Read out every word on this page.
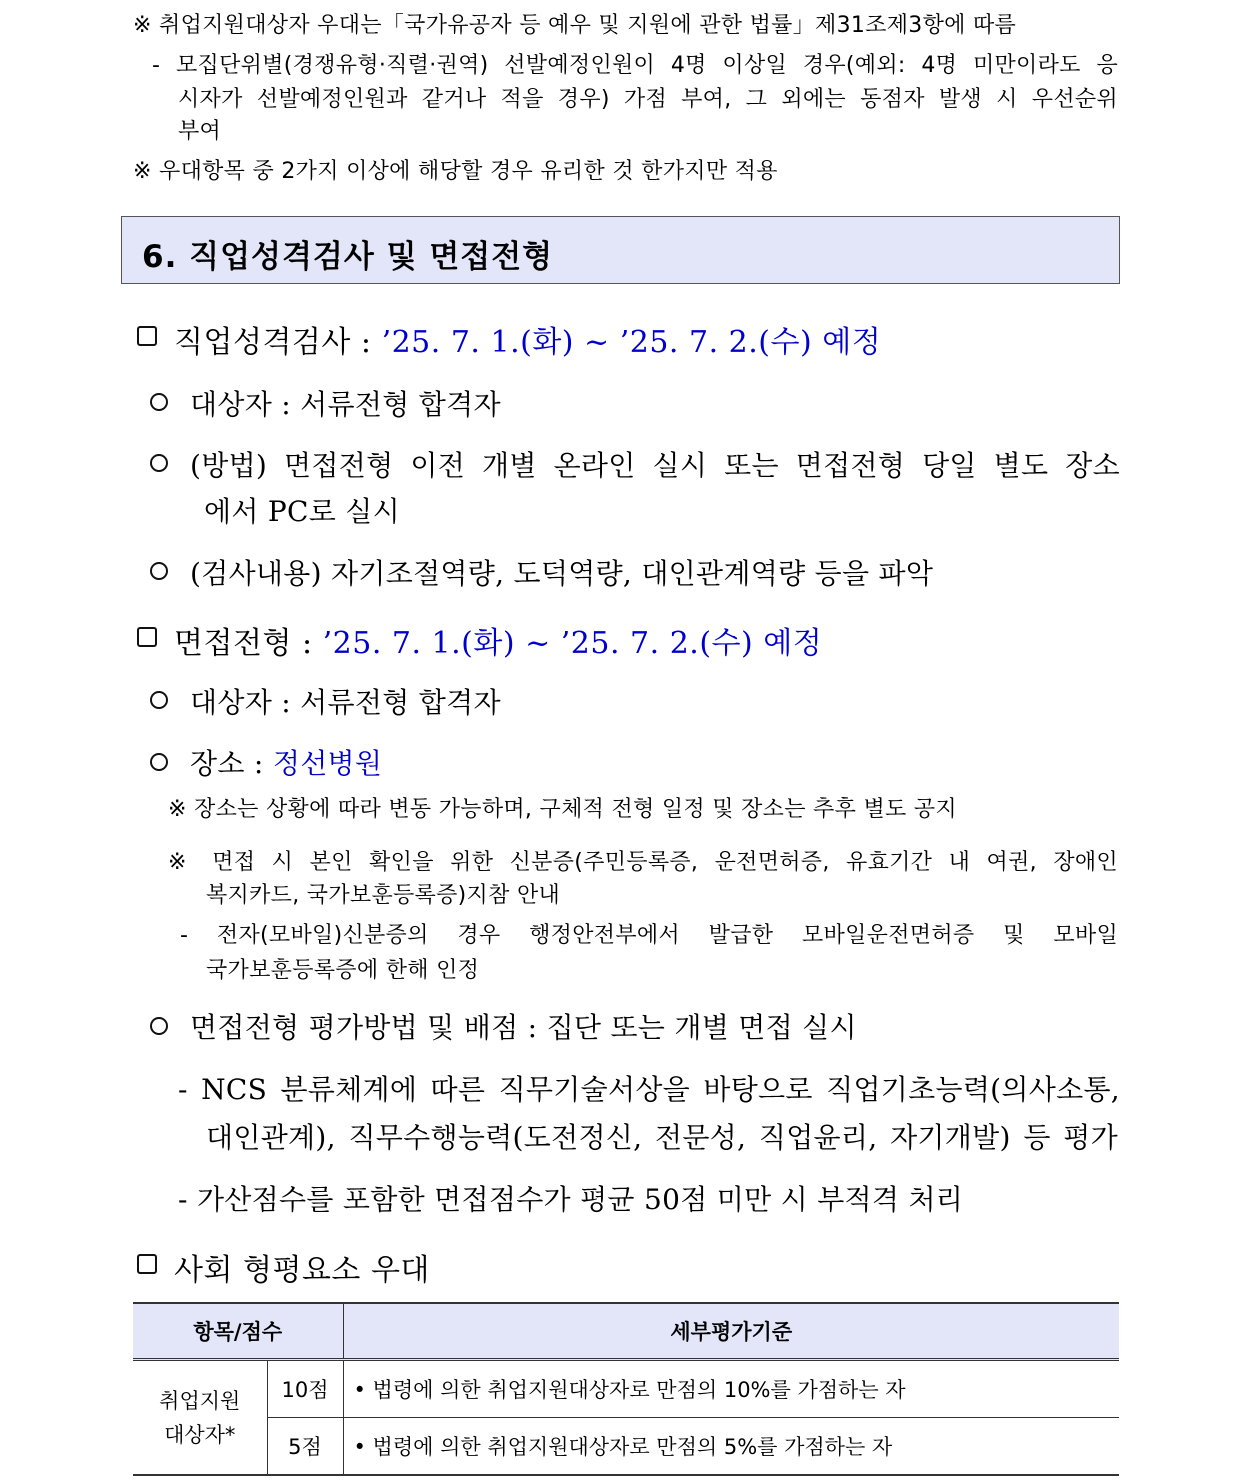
※ 취업지원대상자 우대는「국가유공자 등 예우 및 지원에 관한 법률」제31조제3항에 따름
- 모집단위별(경쟁유형·직렬·권역) 선발예정인원이 4명 이상일 경우(예외: 4명 미만이라도 응
시자가 선발예정인원과 같거나 적을 경우) 가점 부여, 그 외에는 동점자 발생 시 우선순위
부여
※ 우대항목 중 2가지 이상에 해당할 경우 유리한 것 한가지만 적용
6. 직업성격검사 및 면접전형
직업성격검사 : ’25. 7. 1.(화) ~ ’25. 7. 2.(수) 예정
대상자 : 서류전형 합격자
(방법) 면접전형 이전 개별 온라인 실시 또는 면접전형 당일 별도 장소
에서 PC로 실시
(검사내용) 자기조절역량, 도덕역량, 대인관계역량 등을 파악
면접전형 : ’25. 7. 1.(화) ~ ’25. 7. 2.(수) 예정
대상자 : 서류전형 합격자
장소 : 정선병원
※ 장소는 상황에 따라 변동 가능하며, 구체적 전형 일정 및 장소는 추후 별도 공지
※ 면접 시 본인 확인을 위한 신분증(주민등록증, 운전면허증, 유효기간 내 여권, 장애인
복지카드, 국가보훈등록증)지참 안내
- 전자(모바일)신분증의 경우 행정안전부에서 발급한 모바일운전면허증 및 모바일
국가보훈등록증에 한해 인정
면접전형 평가방법 및 배점 : 집단 또는 개별 면접 실시
- NCS 분류체계에 따른 직무기술서상을 바탕으로 직업기초능력(의사소통,
대인관계), 직무수행능력(도전정신, 전문성, 직업윤리, 자기개발) 등 평가
- 가산점수를 포함한 면접점수가 평균 50점 미만 시 부적격 처리
사회 형평요소 우대
항목/점수		세부평가기준

취업지원
대상자*	10점	• 법령에 의한 취업지원대상자로 만점의 10%를 가점하는 자
	5점	• 법령에 의한 취업지원대상자로 만점의 5%를 가점하는 자
